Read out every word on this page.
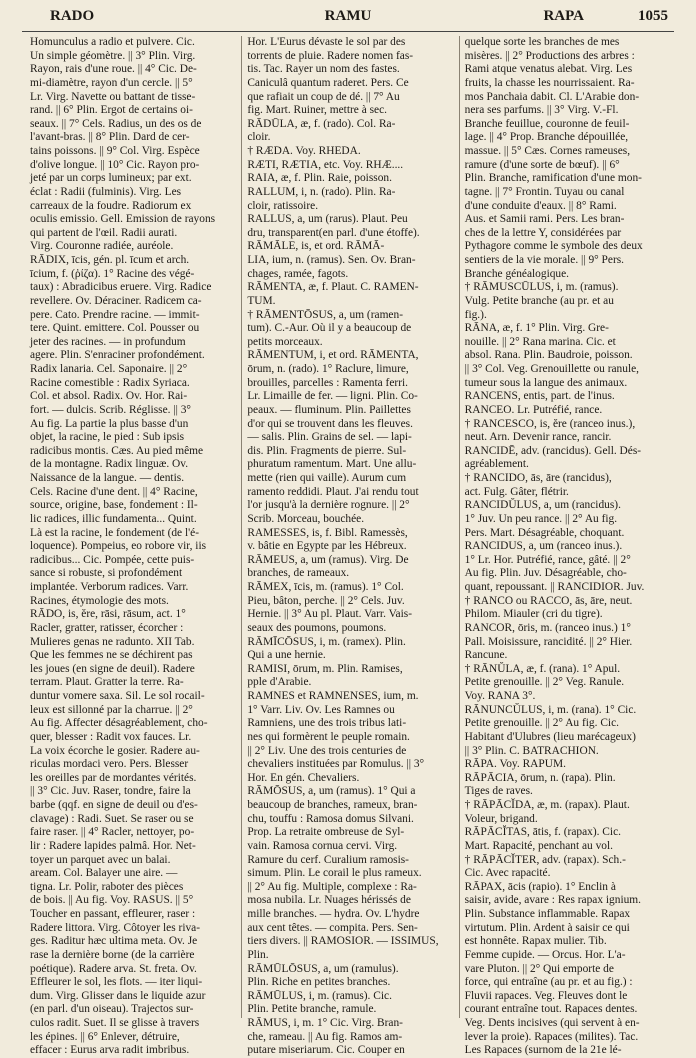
RADO	RAMU	RAPA	1055
Homunculus a radio et pulvere. Cic.
Un simple géomètre. || 3° Plin. Virg.
Rayon, rais d'une roue. || 4° Cic. De-
mi-diamètre, rayon d'un cercle. || 5°
Lr. Virg. Navette ou battant de tisse-
rand. || 6° Plin. Ergot de certains oi-
seaux. || 7° Cels. Radius, un des os de
l'avant-bras. || 8° Plin. Dard de cer-
tains poissons. || 9° Col. Virg. Espèce
d'olive longue. || 10° Cic. Rayon pro-
jeté par un corps lumineux; par ext.
éclat : Radii (fulminis). Virg. Les
carreaux de la foudre. Radiorum ex
oculis emissio. Gell. Emission de rayons
qui partent de l'œil. Radii aurati.
Virg. Couronne radiée, auréole.
RĀDIX, īcis, gén. pl. īcum et arch.
īcium, f. (ῥίζα). 1° Racine des végé-
taux) : Abradicibus eruere. Virg. Radice
revellere. Ov. Déraciner. Radicem ca-
pere. Cato. Prendre racine. — immit-
tere. Quint. emittere. Col. Pousser ou
jeter des racines. — in profundum
agere. Plin. S'enraciner profondément.
Radix lanaria. Cel. Saponaire. || 2°
Racine comestible : Radix Syriaca.
Col. et absol. Radix. Ov. Hor. Rai-
fort. — dulcis. Scrib. Réglisse. || 3°
Au fig. La partie la plus basse d'un
objet, la racine, le pied : Sub ipsis
radicibus montis. Cæs. Au pied même
de la montagne. Radix linguæ. Ov.
Naissance de la langue. — dentis.
Cels. Racine d'une dent. || 4° Racine,
source, origine, base, fondement : Il-
lic radices, illic fundamenta... Quint.
Là est la racine, le fondement (de l'é-
loquence). Pompeius, eo robore vir, iis
radicibus... Cic. Pompée, cette puis-
sance si robuste, si profondément
implantée. Verborum radices. Varr.
Racines, étymologie des mots.
RĀDO, is, ĕre, rāsi, rāsum, act. 1°
Racler, gratter, ratisser, écorcher :
Mulieres genas ne radunto. XII Tab.
Que les femmes ne se déchirent pas
les joues (en signe de deuil). Radere
terram. Plaut. Gratter la terre. Ra-
duntur vomere saxa. Sil. Le sol rocail-
leux est sillonné par la charrue. || 2°
Au fig. Affecter désagréablement, cho-
quer, blesser : Radit vox fauces. Lr.
La voix écorche le gosier. Radere au-
riculas mordaci vero. Pers. Blesser
les oreilles par de mordantes vérités.
|| 3° Cic. Juv. Raser, tondre, faire la
barbe (qqf. en signe de deuil ou d'es-
clavage) : Radi. Suet. Se raser ou se
faire raser. || 4° Racler, nettoyer, po-
lir : Radere lapides palmâ. Hor. Net-
toyer un parquet avec un balai.
aream. Col. Balayer une aire. —
tigna. Lr. Polir, raboter des pièces
de bois. || Au fig. Voy. RASUS. || 5°
Toucher en passant, effleurer, raser :
Radere littora. Virg. Côtoyer les riva-
ges. Raditur hæc ultima meta. Ov. Je
rase la dernière borne (de la carrière
poétique). Radere arva. St. freta. Ov.
Effleurer le sol, les flots. — iter liqui-
dum. Virg. Glisser dans le liquide azur
(en parl. d'un oiseau). Trajectos sur-
culos radit. Suet. Il se glisse à travers
les épines. || 6° Enlever, détruire,
effacer : Eurus arva radit imbribus.
Hor. L'Eurus dévaste le sol par des
torrents de pluie. Radere nomen fas-
tis. Tac. Rayer un nom des fastes.
Caniculâ quantum raderet. Pers. Ce
que rafiait un coup de dé. || 7° Au
fig. Mart. Ruiner, mettre à sec.
RĀDŪLA, æ, f. (rado). Col. Ra-
cloir.
† RÆDA. Voy. RHEDA.
RÆTI, RÆTIA, etc. Voy. RHÆ....
RAIA, æ, f. Plin. Raie, poisson.
RALLUM, i, n. (rado). Plin. Ra-
cloir, ratissoire.
RALLUS, a, um (rarus). Plaut. Peu
dru, transparent(en parl. d'une étoffe).
RĀMĀLE, is, et ord. RĀMĀ-
LIA, ium, n. (ramus). Sen. Ov. Bran-
chages, ramée, fagots.
RĀMENTA, æ, f. Plaut. C. RAMEN-
TUM.
† RĀMENTŌSUS, a, um (ramen-
tum). C.-Aur. Où il y a beaucoup de
petits morceaux.
RĀMENTUM, i, et ord. RĀMENTA,
ōrum, n. (rado). 1° Raclure, limure,
brouilles, parcelles : Ramenta ferri.
Lr. Limaille de fer. — ligni. Plin. Co-
peaux. — fluminum. Plin. Paillettes
d'or qui se trouvent dans les fleuves.
— salis. Plin. Grains de sel. — lapi-
dis. Plin. Fragments de pierre. Sul-
phuratum ramentum. Mart. Une allu-
mette (rien qui vaille). Aurum cum
ramento reddidi. Plaut. J'ai rendu tout
l'or jusqu'à la dernière rognure. || 2°
Scrib. Morceau, bouchée.
RAMESSES, is, f. Bibl. Ramessès,
v. bâtie en Egypte par les Hébreux.
RĀMEUS, a, um (ramus). Virg. De
branches, de rameaux.
RĀMEX, īcis, m. (ramus). 1° Col.
Pieu, bâton, perche. || 2° Cels. Juv.
Hernie. || 3° Au pl. Plaut. Varr. Vais-
seaux des poumons, poumons.
RĀMĪCŌSUS, i, m. (ramex). Plin.
Qui a une hernie.
RAMISI, ōrum, m. Plin. Ramises,
pple d'Arabie.
RAMNES et RAMNENSES, ium, m.
1° Varr. Liv. Ov. Les Ramnes ou
Ramniens, une des trois tribus lati-
nes qui formèrent le peuple romain.
|| 2° Liv. Une des trois centuries de
chevaliers instituées par Romulus. || 3°
Hor. En gén. Chevaliers.
RĀMŌSUS, a, um (ramus). 1° Qui a
beaucoup de branches, rameux, bran-
chu, touffu : Ramosa domus Silvani.
Prop. La retraite ombreuse de Syl-
vain. Ramosa cornua cervi. Virg.
Ramure du cerf. Curalium ramosis-
simum. Plin. Le corail le plus rameux.
|| 2° Au fig. Multiple, complexe : Ra-
mosa nubila. Lr. Nuages hérissés de
mille branches. — hydra. Ov. L'hydre
aux cent têtes. — compita. Pers. Sen-
tiers divers. || RAMOSIOR. — ISSIMUS,
Plin.
RĀMŪLŌSUS, a, um (ramulus).
Plin. Riche en petites branches.
RĀMŪLUS, i, m. (ramus). Cic.
Plin. Petite branche, ramule.
RĀMUS, i, m. 1° Cic. Virg. Bran-
che, rameau. || Au fig. Ramos am-
putare miseriarum. Cic. Couper en
quelque sorte les branches de mes
misères. || 2° Productions des arbres :
Rami atque venatus alebat. Virg. Les
fruits, la chasse les nourrissaient. Ra-
mos Panchaia dabit. Cl. L'Arabie don-
nera ses parfums. || 3° Virg. V.-Fl.
Branche feuillue, couronne de feuil-
lage. || 4° Prop. Branche dépouillée,
massue. || 5° Cæs. Cornes rameuses,
ramure (d'une sorte de bœuf). || 6°
Plin. Branche, ramification d'une mon-
tagne. || 7° Frontin. Tuyau ou canal
d'une conduite d'eaux. || 8° Rami.
Aus. et Samii rami. Pers. Les bran-
ches de la lettre Y, considérées par
Pythagore comme le symbole des deux
sentiers de la vie morale. || 9° Pers.
Branche généalogique.
† RĀMUSCŪLUS, i, m. (ramus).
Vulg. Petite branche (au pr. et au
fig.).
RĀNA, æ, f. 1° Plin. Virg. Gre-
nouille. || 2° Rana marina. Cic. et
absol. Rana. Plin. Baudroie, poisson.
|| 3° Col. Veg. Grenouillette ou ranule,
tumeur sous la langue des animaux.
RANCENS, entis, part. de l'inus.
RANCEO. Lr. Putréfié, rance.
† RANCESCO, is, ĕre (ranceo inus.),
neut. Arn. Devenir rance, rancir.
RANCIDĒ, adv. (rancidus). Gell. Dés-
agréablement.
† RANCIDO, ās, āre (rancidus),
act. Fulg. Gâter, flétrir.
RANCIDŬLUS, a, um (rancidus).
1° Juv. Un peu rance. || 2° Au fig.
Pers. Mart. Désagréable, choquant.
RANCIDUS, a, um (ranceo inus.).
1° Lr. Hor. Putréfié, rance, gâté. || 2°
Au fig. Plin. Juv. Désagréable, cho-
quant, repoussant. || RANCIDIOR. Juv.
† RANCO ou RACCO, ās, āre, neut.
Philom. Miauler (cri du tigre).
RANCOR, ōris, m. (ranceo inus.) 1°
Pall. Moisissure, rancidité. || 2° Hier.
Rancune.
† RĀNŬLA, æ, f. (rana). 1° Apul.
Petite grenouille. || 2° Veg. Ranule.
Voy. RANA 3°.
RĀNUNCŬLUS, i, m. (rana). 1° Cic.
Petite grenouille. || 2° Au fig. Cic.
Habitant d'Ulubres (lieu marécageux)
|| 3° Plin. C. BATRACHION.
RĀPA. Voy. RAPUM.
RĀPĀCIA, ōrum, n. (rapa). Plin.
Tiges de raves.
† RĀPĀCĬDA, æ, m. (rapax). Plaut.
Voleur, brigand.
RĀPĀCĬTAS, ātis, f. (rapax). Cic.
Mart. Rapacité, penchant au vol.
† RĀPĀCĬTER, adv. (rapax). Sch.-
Cic. Avec rapacité.
RĀPAX, ācis (rapio). 1° Enclin à
saisir, avide, avare : Res rapax ignium.
Plin. Substance inflammable. Rapax
virtutum. Plin. Ardent à saisir ce qui
est honnête. Rapax mulier. Tib.
Femme cupide. — Orcus. Hor. L'a-
vare Pluton. || 2° Qui emporte de
force, qui entraîne (au pr. et au fig.) :
Fluvii rapaces. Veg. Fleuves dont le
courant entraîne tout. Rapaces dentes.
Veg. Dents incisives (qui servent à en-
lever la proie). Rapaces (milites). Tac.
Les Rapaces (surnom de la 21e lé-
